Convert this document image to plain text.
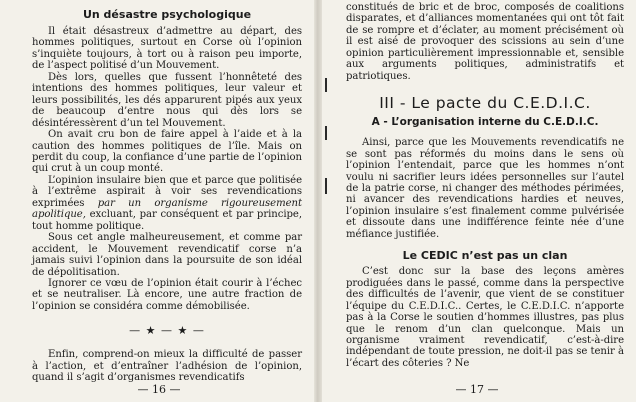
Un désastre psychologique

Il était désastreux d’admettre au départ, des hommes politiques, surtout en Corse où l’opinion s’inquiète toujours, à tort ou à raison peu importe, de l’aspect politisé d’un Mouvement.

Dès lors, quelles que fussent l’honnêteté des intentions des hommes politiques, leur valeur et leurs possibilités, les dés apparurent pipés aux yeux de beaucoup d’entre nous qui dès lors se désintéressèrent d’un tel Mouvement.

On avait cru bon de faire appel à l’aide et à la caution des hommes politiques de l’île. Mais on perdit du coup, la confiance d’une partie de l’opinion qui crut à un coup monté.

L’opinion insulaire bien que et parce que politisée à l’extrême aspirait à voir ses revendications exprimées par un organisme rigoureusement apolitique, excluant, par conséquent et par principe, tout homme politique.

Sous cet angle malheureusement, et comme par accident, le Mouvement revendicatif corse n’a jamais suivi l’opinion dans la poursuite de son idéal de dépolitisation.

Ignorer ce vœu de l’opinion était courir à l’échec et se neutraliser. Là encore, une autre fraction de l’opinion se considéra comme démobilisée.

— ★ — ★ —

Enfin, comprend-on mieux la difficulté de passer à l’action, et d’entraîner l’adhésion de l’opinion, quand il s’agit d’organismes revendicatifs

— 16 —

constitués de bric et de broc, composés de coalitions disparates, et d’alliances momentanées qui ont tôt fait de se rompre et d’éclater, au moment précisément où il est aisé de provoquer des scissions au sein d’une opinion particulièrement impressionnable et, sensible aux arguments politiques, administratifs et patriotiques.

III - Le pacte du C.E.D.I.C.
A - L’organisation interne du C.E.D.I.C.

Ainsi, parce que les Mouvements revendicatifs ne se sont pas réformés du moins dans le sens où l’opinion l’entendait, parce que les hommes n’ont voulu ni sacrifier leurs idées personnelles sur l’autel de la patrie corse, ni changer des méthodes périmées, ni avancer des revendications hardies et neuves, l’opinion insulaire s’est finalement comme pulvérisée et dissoute dans une indifférence feinte née d’une méfiance justifiée.

Le CEDIC n’est pas un clan

C’est donc sur la base des leçons amères prodiguées dans le passé, comme dans la perspective des difficultés de l’avenir, que vient de se constituer l’équipe du C.E.D.I.C.. Certes, le C.E.D.I.C. n’apporte pas à la Corse le soutien d’hommes illustres, pas plus que le renom d’un clan quelconque. Mais un organisme vraiment revendicatif, c’est-à-dire indépendant de toute pression, ne doit-il pas se tenir à l’écart des côteries ? Ne

— 17 —
